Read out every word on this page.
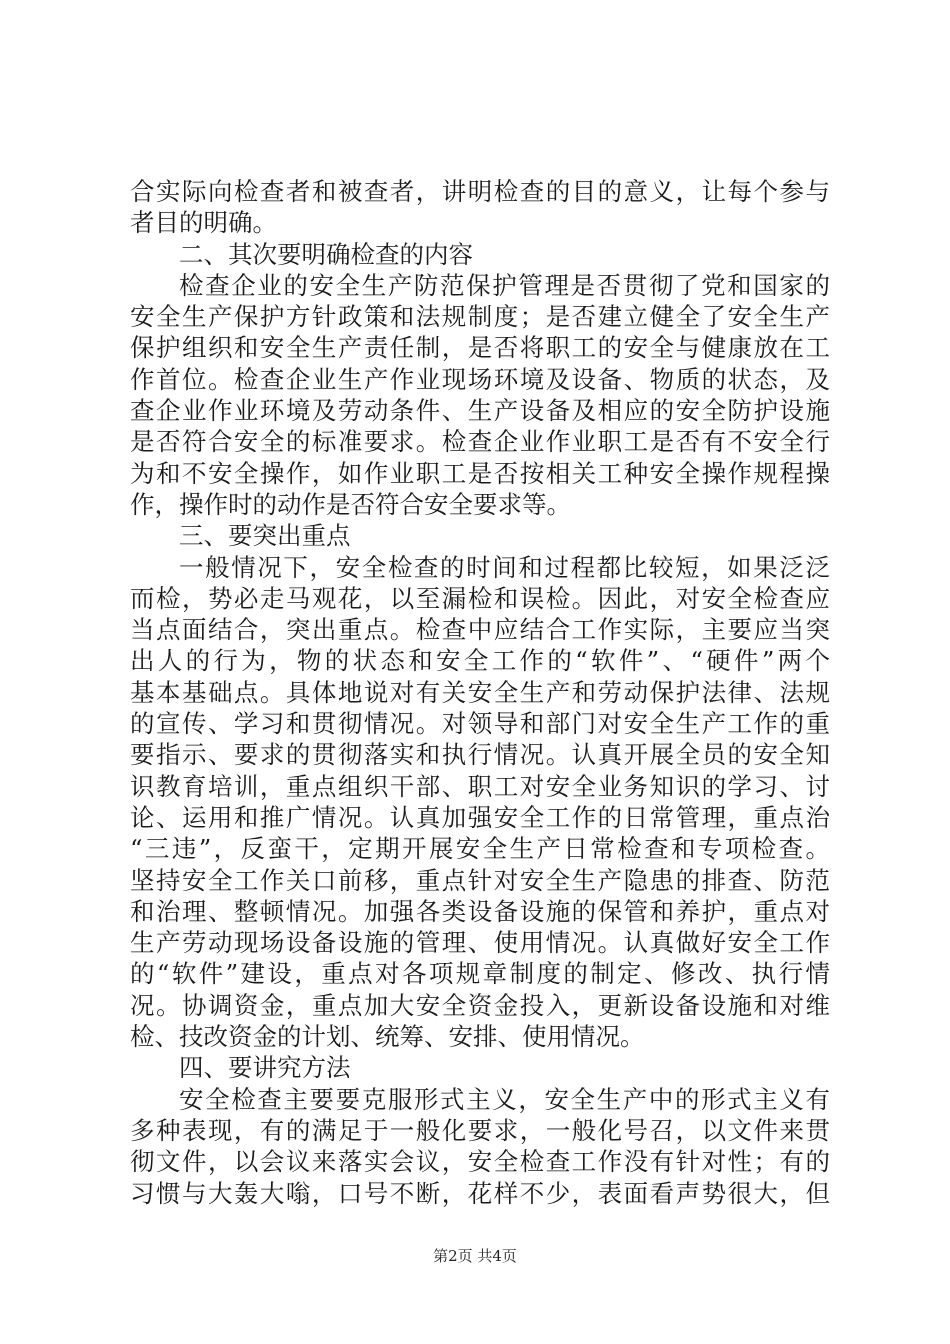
合实际向检查者和被查者，讲明检查的目的意义，让每个参与
者目的明确。
二、其次要明确检查的内容
检查企业的安全生产防范保护管理是否贯彻了党和国家的
安全生产保护方针政策和法规制度；是否建立健全了安全生产
保护组织和安全生产责任制，是否将职工的安全与健康放在工
作首位。检查企业生产作业现场环境及设备、物质的状态，及
查企业作业环境及劳动条件、生产设备及相应的安全防护设施
是否符合安全的标准要求。检查企业作业职工是否有不安全行
为和不安全操作，如作业职工是否按相关工种安全操作规程操
作，操作时的动作是否符合安全要求等。
三、要突出重点
一般情况下，安全检查的时间和过程都比较短，如果泛泛
而检，势必走马观花，以至漏检和误检。因此，对安全检查应
当点面结合，突出重点。检查中应结合工作实际，主要应当突
出人的行为，物的状态和安全工作的“软件”、“硬件”两个
基本基础点。具体地说对有关安全生产和劳动保护法律、法规
的宣传、学习和贯彻情况。对领导和部门对安全生产工作的重
要指示、要求的贯彻落实和执行情况。认真开展全员的安全知
识教育培训，重点组织干部、职工对安全业务知识的学习、讨
论、运用和推广情况。认真加强安全工作的日常管理，重点治
“三违”，反蛮干，定期开展安全生产日常检查和专项检查。
坚持安全工作关口前移，重点针对安全生产隐患的排查、防范
和治理、整顿情况。加强各类设备设施的保管和养护，重点对
生产劳动现场设备设施的管理、使用情况。认真做好安全工作
的“软件”建设，重点对各项规章制度的制定、修改、执行情
况。协调资金，重点加大安全资金投入，更新设备设施和对维
检、技改资金的计划、统筹、安排、使用情况。
四、要讲究方法
安全检查主要要克服形式主义，安全生产中的形式主义有
多种表现，有的满足于一般化要求，一般化号召，以文件来贯
彻文件，以会议来落实会议，安全检查工作没有针对性；有的
习惯与大轰大嗡，口号不断，花样不少，表面看声势很大，但
第2页 共4页
